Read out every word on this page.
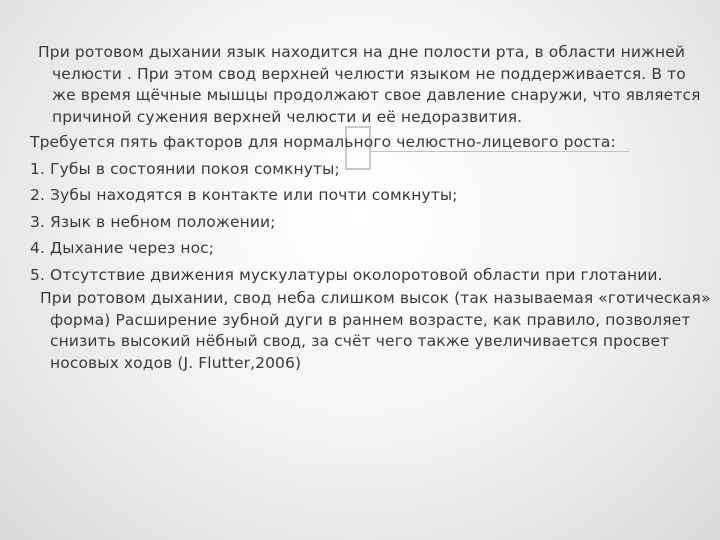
При ротовом дыхании язык находится на дне полости рта, в области нижней челюсти . При этом свод верхней челюсти языком не поддерживается. В то же время щёчные мышцы продолжают свое давление снаружи, что является причиной сужения верхней челюсти и её недоразвития.

Требуется пять факторов для нормального челюстно-лицевого роста:

1. Губы в состоянии покоя сомкнуты;

2. Зубы находятся в контакте или почти сомкнуты;

3. Язык в небном положении;

4. Дыхание через нос;

5. Отсутствие движения мускулатуры околоротовой области при глотании.

При ротовом дыхании, свод неба слишком высок (так называемая «готическая» форма) Расширение зубной дуги в раннем возрасте, как правило, позволяет снизить высокий нёбный свод, за счёт чего также увеличивается просвет носовых ходов (J. Flutter,2006)
